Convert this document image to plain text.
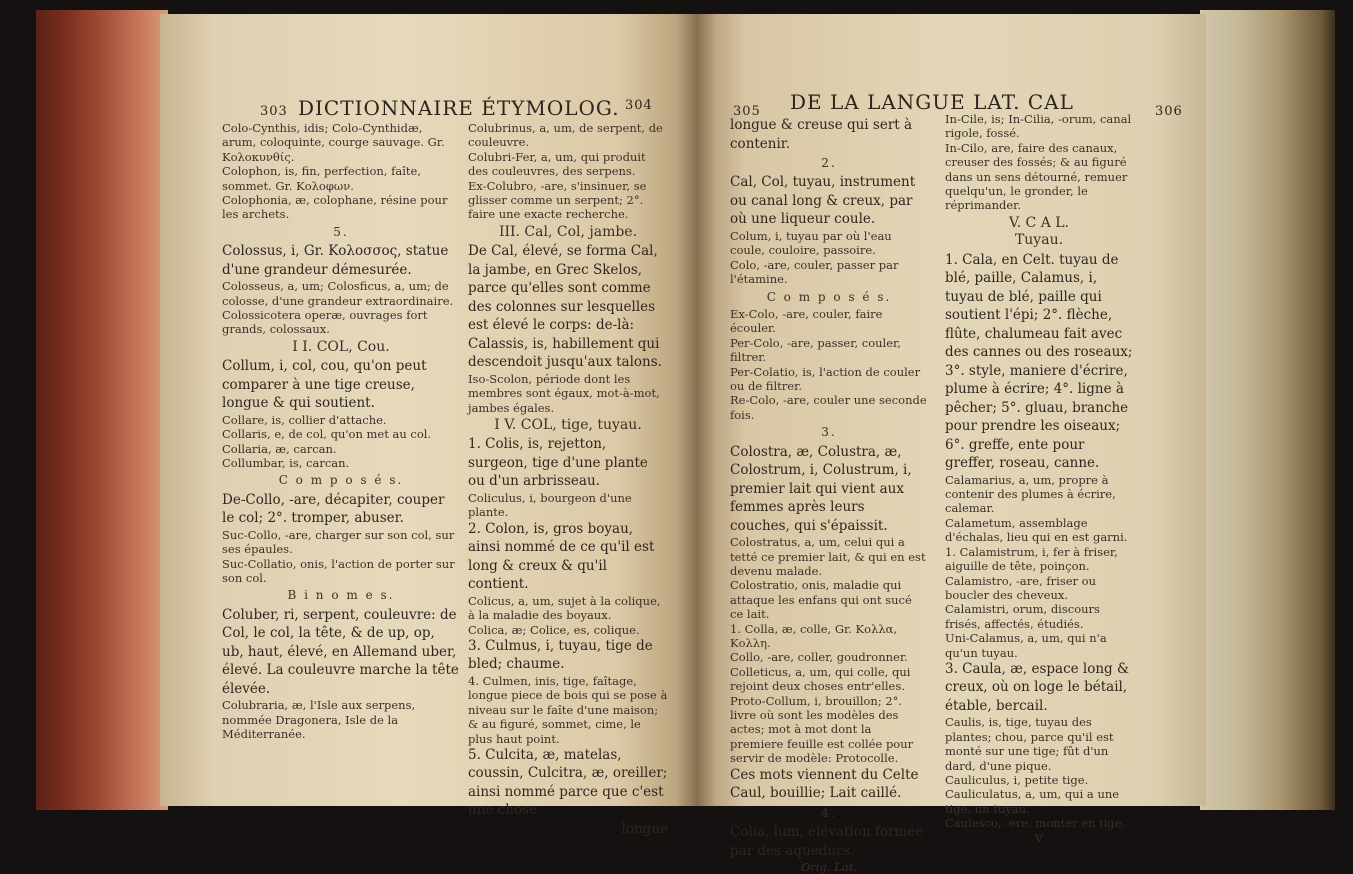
303 DICTIONNAIRE ÉTYMOLOG. 304

Colo-Cynthis, idis; Colo-Cynthidæ, arum, coloquinte, courge sauvage. Gr. Κολοκυνθίς.

Colophon, is, fin, perfection, faîte, sommet. Gr. Κολοφων.

Colophonia, æ, colophane, résine pour les archets.

5.

Colossus, i, Gr. Κολοσσος, statue d'une grandeur démesurée.

Colosseus, a, um; Colosficus, a, um; de colosse, d'une grandeur extraordinaire.

Colossicotera operæ, ouvrages fort grands, colossaux.

I I. COL, Cou.

Collum, i, col, cou, qu'on peut comparer à une tige creuse, longue & qui soutient.

Collare, is, collier d'attache.

Collaris, e, de col, qu'on met au col.

Collaria, æ, carcan.

Collumbar, is, carcan.

C o m p o s é s.

De-Collo, -are, décapiter, couper le col; 2°. tromper, abuser.

Suc-Collo, -are, charger sur son col, sur ses épaules.

Suc-Collatio, onis, l'action de porter sur son col.

B i n o m e s.

Coluber, ri, serpent, couleuvre: de Col, le col, la tête, & de up, op, ub, haut, élevé, en Allemand uber, élevé. La couleuvre marche la tête élevée.

Colubraria, æ, l'Isle aux serpens, nommée Dragonera, Isle de la Méditerranée.

Colubrinus, a, um, de serpent, de couleuvre.

Colubri-Fer, a, um, qui produit des couleuvres, des serpens.

Ex-Colubro, -are, s'insinuer, se glisser comme un serpent; 2°. faire une exacte recherche.

III. Cal, Col, jambe.

De Cal, élevé, se forma Cal, la jambe, en Grec Skelos, parce qu'elles sont comme des colonnes sur lesquelles est élevé le corps: de-là:

Calassis, is, habillement qui descendoit jusqu'aux talons.

Iso-Scolon, période dont les membres sont égaux, mot-à-mot, jambes égales.

I V. COL, tige, tuyau.

1. Colis, is, rejetton, surgeon, tige d'une plante ou d'un arbrisseau.

Coliculus, i, bourgeon d'une plante.

2. Colon, is, gros boyau, ainsi nommé de ce qu'il est long & creux & qu'il contient.

Colicus, a, um, sujet à la colique, à la maladie des boyaux.

Colica, æ; Colice, es, colique.

3. Culmus, i, tuyau, tige de bled; chaume.

4. Culmen, inis, tige, faîtage, longue piece de bois qui se pose à niveau sur le faîte d'une maison; & au figuré, sommet, cime, le plus haut point.

5. Culcita, æ, matelas, coussin, Culcitra, æ, oreiller; ainsi nommé parce que c'est une chose

longue

305 DE LA LANGUE LAT. CAL	306

longue & creuse qui sert à contenir.

2.

Cal, Col, tuyau, instrument ou canal long & creux, par où une liqueur coule.

Colum, i, tuyau par où l'eau coule, couloire, passoire.

Colo, -are, couler, passer par l'étamine.

C o m p o s é s.

Ex-Colo, -are, couler, faire écouler.

Per-Colo, -are, passer, couler, filtrer.

Per-Colatio, is, l'action de couler ou de filtrer.

Re-Colo, -are, couler une seconde fois.

3.

Colostra, æ, Colustra, æ, Colostrum, i, Colustrum, i, premier lait qui vient aux femmes après leurs couches, qui s'épaissit.

Colostratus, a, um, celui qui a tetté ce premier lait, & qui en est devenu malade.

Colostratio, onis, maladie qui attaque les enfans qui ont sucé ce lait.

1. Colla, æ, colle, Gr. Κολλα, Κολλη.

Collo, -are, coller, goudronner.

Colleticus, a, um, qui colle, qui rejoint deux choses entr'elles.

Proto-Collum, i, brouillon; 2°. livre où sont les modèles des actes; mot à mot dont la premiere feuille est collée pour servir de modèle: Protocolle.

Ces mots viennent du Celte Caul, bouillie; Lait caillé.

4.

Colia, lum, élévation formée par des aqueducs.

Orig. Lat.

In-Cile, is; In-Cilia, -orum, canal rigole, fossé.

In-Cilo, are, faire des canaux, creuser des fossés; & au figuré dans un sens détourné, remuer quelqu'un, le gronder, le réprimander.

V. C A L.

Tuyau.

1. Cala, en Celt. tuyau de blé, paille, Calamus, i, tuyau de blé, paille qui soutient l'épi; 2°. flèche, flûte, chalumeau fait avec des cannes ou des roseaux; 3°. style, maniere d'écrire, plume à écrire; 4°. ligne à pêcher; 5°. gluau, branche pour prendre les oiseaux; 6°. greffe, ente pour greffer, roseau, canne.

Calamarius, a, um, propre à contenir des plumes à écrire, calemar.

Calametum, assemblage d'échalas, lieu qui en est garni.

1. Calamistrum, i, fer à friser, aiguille de tête, poinçon.

Calamistro, -are, friser ou boucler des cheveux.

Calamistri, orum, discours frisés, affectés, étudiés.

Uni-Calamus, a, um, qui n'a qu'un tuyau.

3. Caula, æ, espace long & creux, où on loge le bétail, étable, bercail.

Caulis, is, tige, tuyau des plantes; chou, parce qu'il est monté sur une tige; fût d'un dard, d'une pique.

Cauliculus, i, petite tige.

Cauliculatus, a, um, qui a une tige, un tuyau.

Caulesco, -ere, monter en tige.

V
